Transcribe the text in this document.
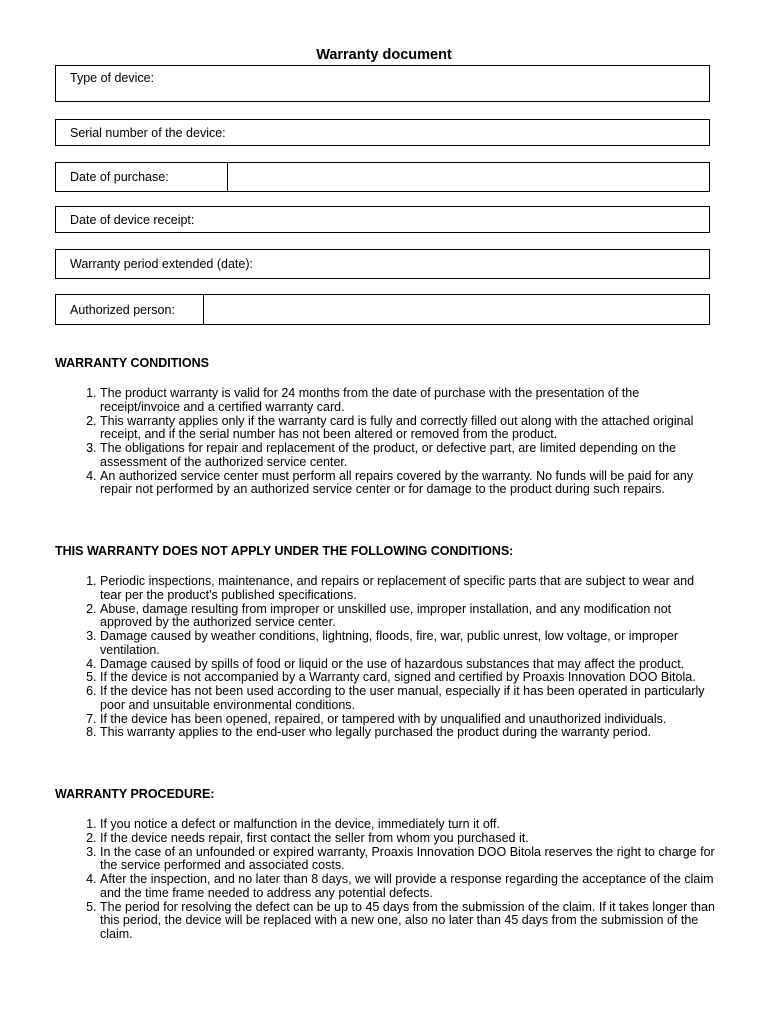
Warranty document
Type of device:
Serial number of the device:
Date of purchase:
Date of device receipt:
Warranty period extended (date):
Authorized person:
WARRANTY CONDITIONS
1. The product warranty is valid for 24 months from the date of purchase with the presentation of the receipt/invoice and a certified warranty card.
2. This warranty applies only if the warranty card is fully and correctly filled out along with the attached original receipt, and if the serial number has not been altered or removed from the product.
3. The obligations for repair and replacement of the product, or defective part, are limited depending on the assessment of the authorized service center.
4. An authorized service center must perform all repairs covered by the warranty. No funds will be paid for any repair not performed by an authorized service center or for damage to the product during such repairs.
THIS WARRANTY DOES NOT APPLY UNDER THE FOLLOWING CONDITIONS:
1. Periodic inspections, maintenance, and repairs or replacement of specific parts that are subject to wear and tear per the product's published specifications.
2. Abuse, damage resulting from improper or unskilled use, improper installation, and any modification not approved by the authorized service center.
3. Damage caused by weather conditions, lightning, floods, fire, war, public unrest, low voltage, or improper ventilation.
4. Damage caused by spills of food or liquid or the use of hazardous substances that may affect the product.
5. If the device is not accompanied by a Warranty card, signed and certified by Proaxis Innovation DOO Bitola.
6. If the device has not been used according to the user manual, especially if it has been operated in particularly poor and unsuitable environmental conditions.
7. If the device has been opened, repaired, or tampered with by unqualified and unauthorized individuals.
8. This warranty applies to the end-user who legally purchased the product during the warranty period.
WARRANTY PROCEDURE:
1. If you notice a defect or malfunction in the device, immediately turn it off.
2. If the device needs repair, first contact the seller from whom you purchased it.
3. In the case of an unfounded or expired warranty, Proaxis Innovation DOO Bitola reserves the right to charge for the service performed and associated costs.
4. After the inspection, and no later than 8 days, we will provide a response regarding the acceptance of the claim and the time frame needed to address any potential defects.
5. The period for resolving the defect can be up to 45 days from the submission of the claim. If it takes longer than this period, the device will be replaced with a new one, also no later than 45 days from the submission of the claim.
